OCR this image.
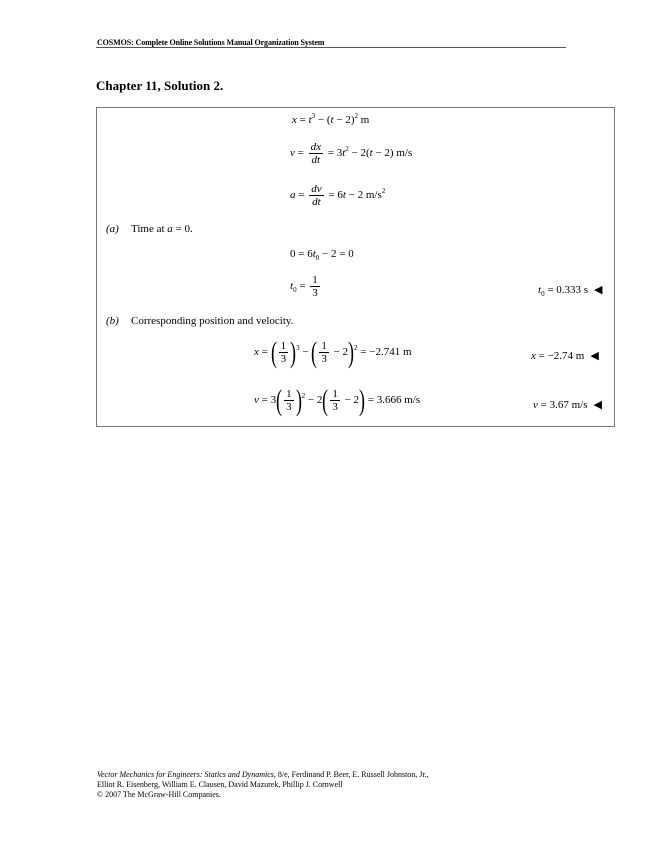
COSMOS: Complete Online Solutions Manual Organization System
Chapter 11, Solution 2.
$x = t^3 - (t - 2)^2$ m
$v = \frac{dx}{dt} = 3t^2 - 2(t - 2)$ m/s
$a = \frac{dv}{dt} = 6t - 2$ $m/s^2$
(a) Time at a = 0.
$0 = 6t_0 - 2 = 0$
$t_0 = \frac{1}{3}$	$t_0 = 0.333$ s ◀
(b) Corresponding position and velocity.
x = ( $\frac{1}{3} )^3$ − ( $\frac{1}{3} - 2)^2 = -2.741$ m	x = −2.74 m ◀
$v = 3( \frac{1}{3} )^2 - 2( \frac{1}{3} - 2) = 3.666$ m/s	v = 3.67 m/s ◀
Vector Mechanics for Engineers: Statics and Dynamics, 8/e, Ferdinand P. Beer, E. Russell Johnston, Jr.,
Elliot R. Eisenberg, William E. Clausen, David Mazurek, Phillip J. Cornwell
© 2007 The McGraw-Hill Companies.
